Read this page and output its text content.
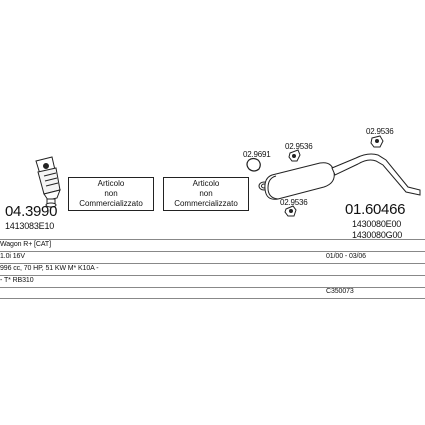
04.3990
1413083E10
Articolo
non
Commercializzato
Articolo
non
Commercializzato
02.9691
02.9536
02.9536
02.9536
01.60466
1430080E00
1430080G00
Wagon R+ [CAT]
1.0i 16V	01/00 - 03/06
996 cc, 70 HP, 51 KW M* K10A -
- T* RB310
C350073
